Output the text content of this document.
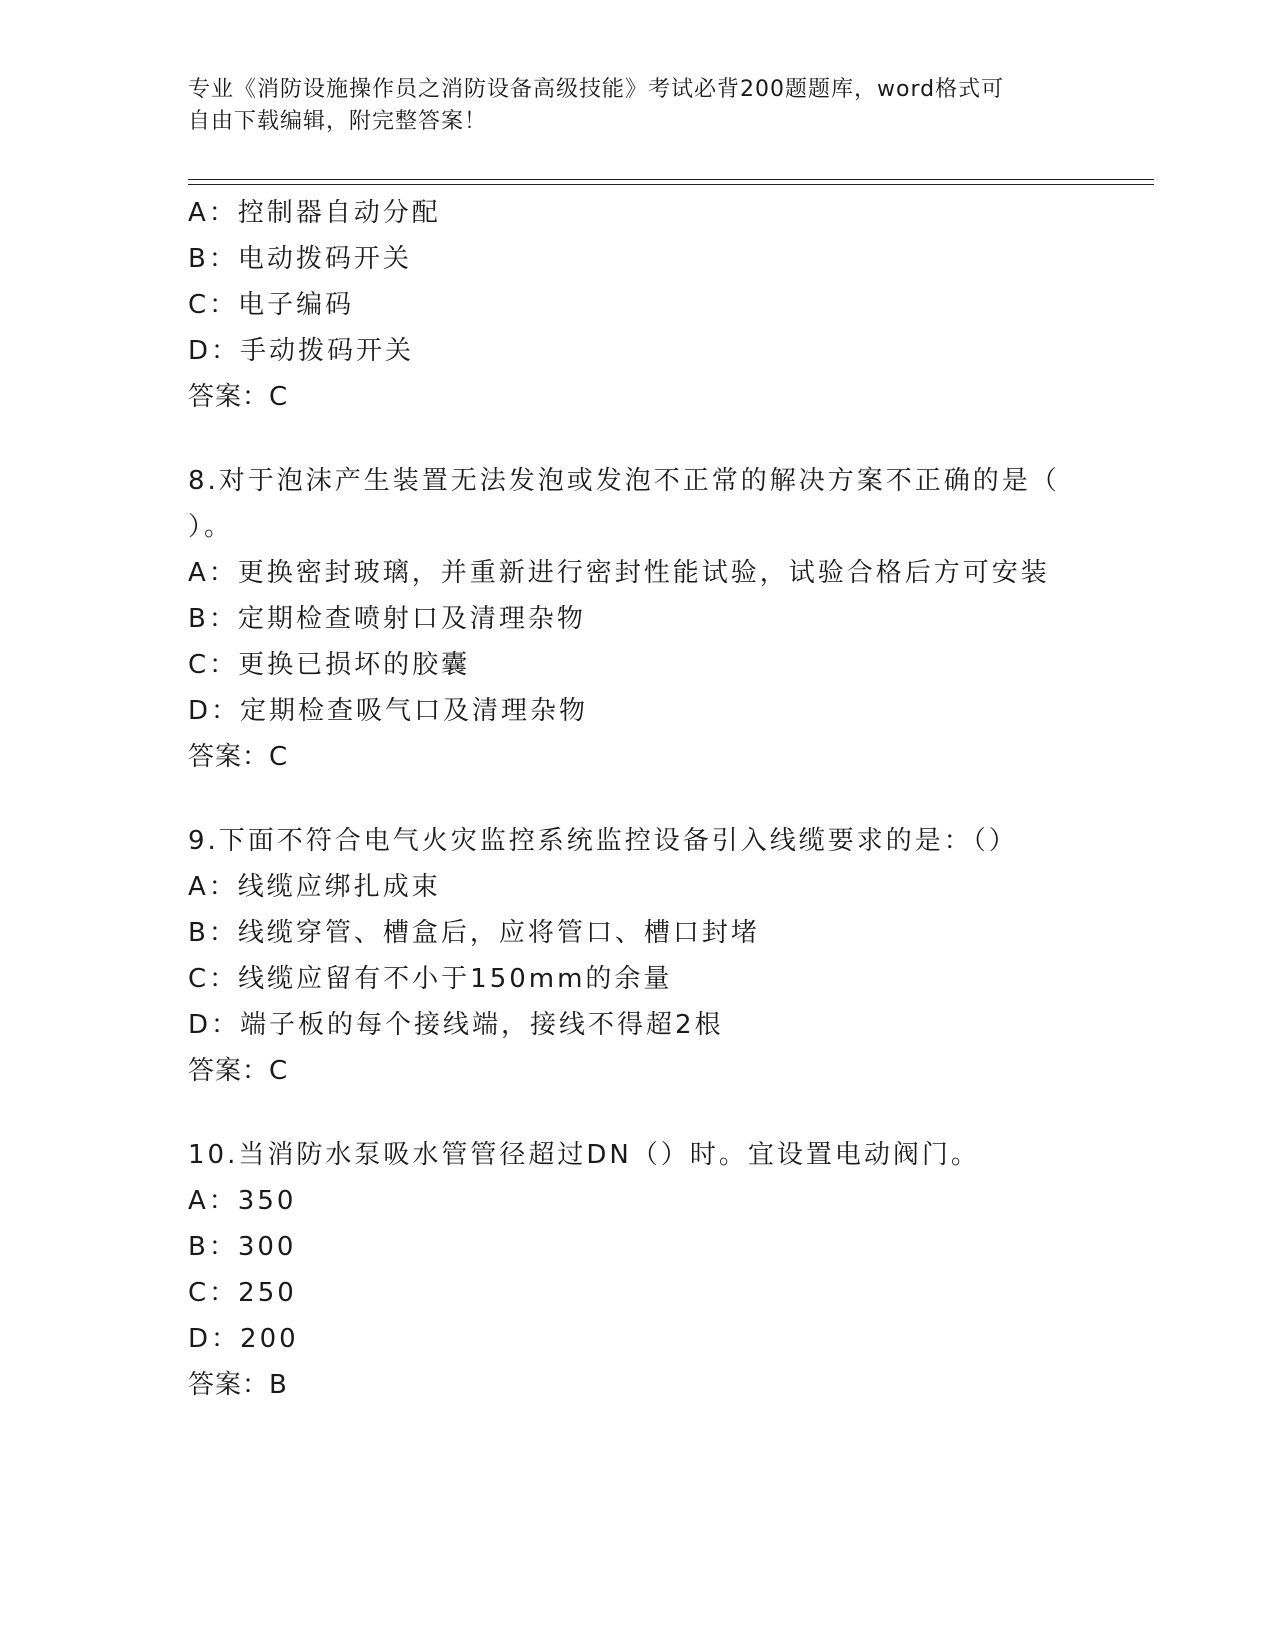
专业《消防设施操作员之消防设备高级技能》考试必背200题题库，word格式可
自由下载编辑，附完整答案！
A：控制器自动分配
B：电动拨码开关
C：电子编码
D：手动拨码开关
答案：C
8.对于泡沫产生装置无法发泡或发泡不正常的解决方案不正确的是（ ）。
A：更换密封玻璃，并重新进行密封性能试验，试验合格后方可安装
B：定期检查喷射口及清理杂物
C：更换已损坏的胶囊
D：定期检查吸气口及清理杂物
答案：C
9.下面不符合电气火灾监控系统监控设备引入线缆要求的是：（）
A：线缆应绑扎成束
B：线缆穿管、槽盒后，应将管口、槽口封堵
C：线缆应留有不小于150mm的余量
D：端子板的每个接线端，接线不得超2根
答案：C
10.当消防水泵吸水管管径超过DN（）时。宜设置电动阀门。
A：350
B：300
C：250
D：200
答案：B
